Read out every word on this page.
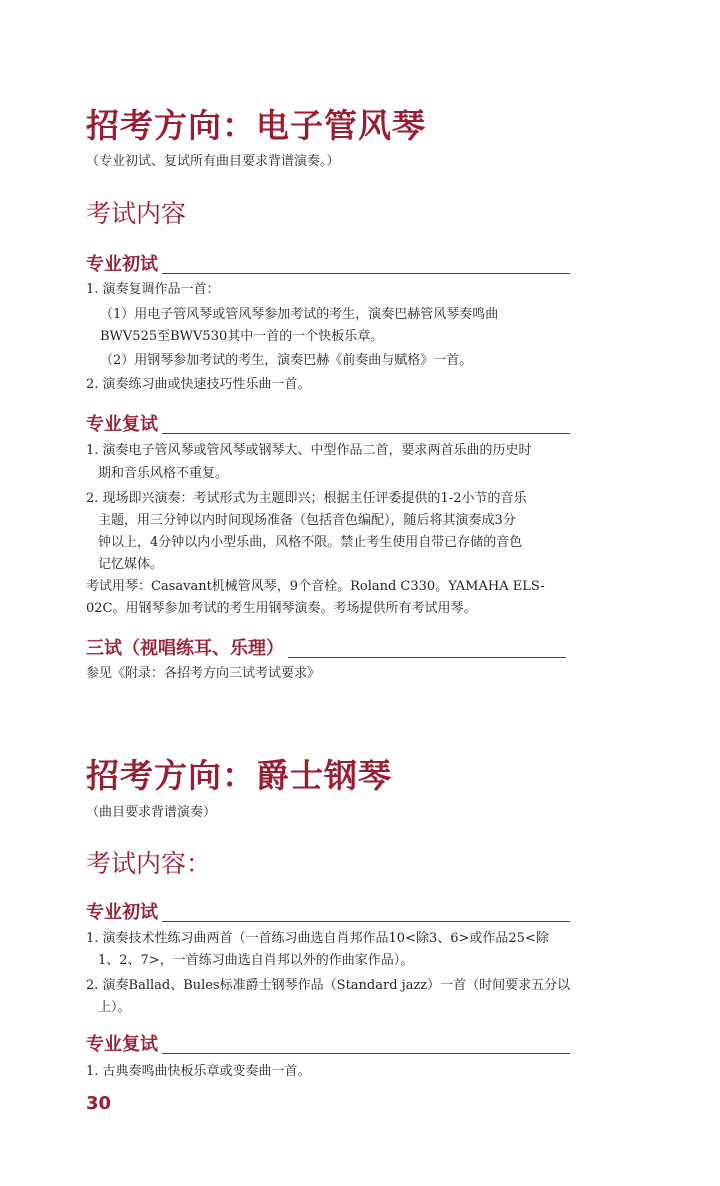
招考方向：电子管风琴
（专业初试、复试所有曲目要求背谱演奏。）
考试内容
专业初试
1. 演奏复调作品一首：
（1）用电子管风琴或管风琴参加考试的考生，演奏巴赫管风琴奏鸣曲
BWV525至BWV530其中一首的一个快板乐章。
（2）用钢琴参加考试的考生，演奏巴赫《前奏曲与赋格》一首。
2. 演奏练习曲或快速技巧性乐曲一首。
专业复试
1. 演奏电子管风琴或管风琴或钢琴大、中型作品二首，要求两首乐曲的历史时
期和音乐风格不重复。
2. 现场即兴演奏：考试形式为主题即兴；根据主任评委提供的1-2小节的音乐
主题，用三分钟以内时间现场准备（包括音色编配），随后将其演奏成3分
钟以上，4分钟以内小型乐曲，风格不限。禁止考生使用自带已存储的音色
记忆媒体。
考试用琴：Casavant机械管风琴，9个音栓。Roland C330。YAMAHA ELS-
02C。用钢琴参加考试的考生用钢琴演奏。考场提供所有考试用琴。
三试（视唱练耳、乐理）
参见《附录：各招考方向三试考试要求》
招考方向：爵士钢琴
（曲目要求背谱演奏）
考试内容：
专业初试
1. 演奏技术性练习曲两首（一首练习曲选自肖邦作品10<除3、6>或作品25<除
1、2、7>，一首练习曲选自肖邦以外的作曲家作品）。
2. 演奏Ballad、Bules标准爵士钢琴作品（Standard jazz）一首（时间要求五分以
上）。
专业复试
1. 古典奏鸣曲快板乐章或变奏曲一首。
30
